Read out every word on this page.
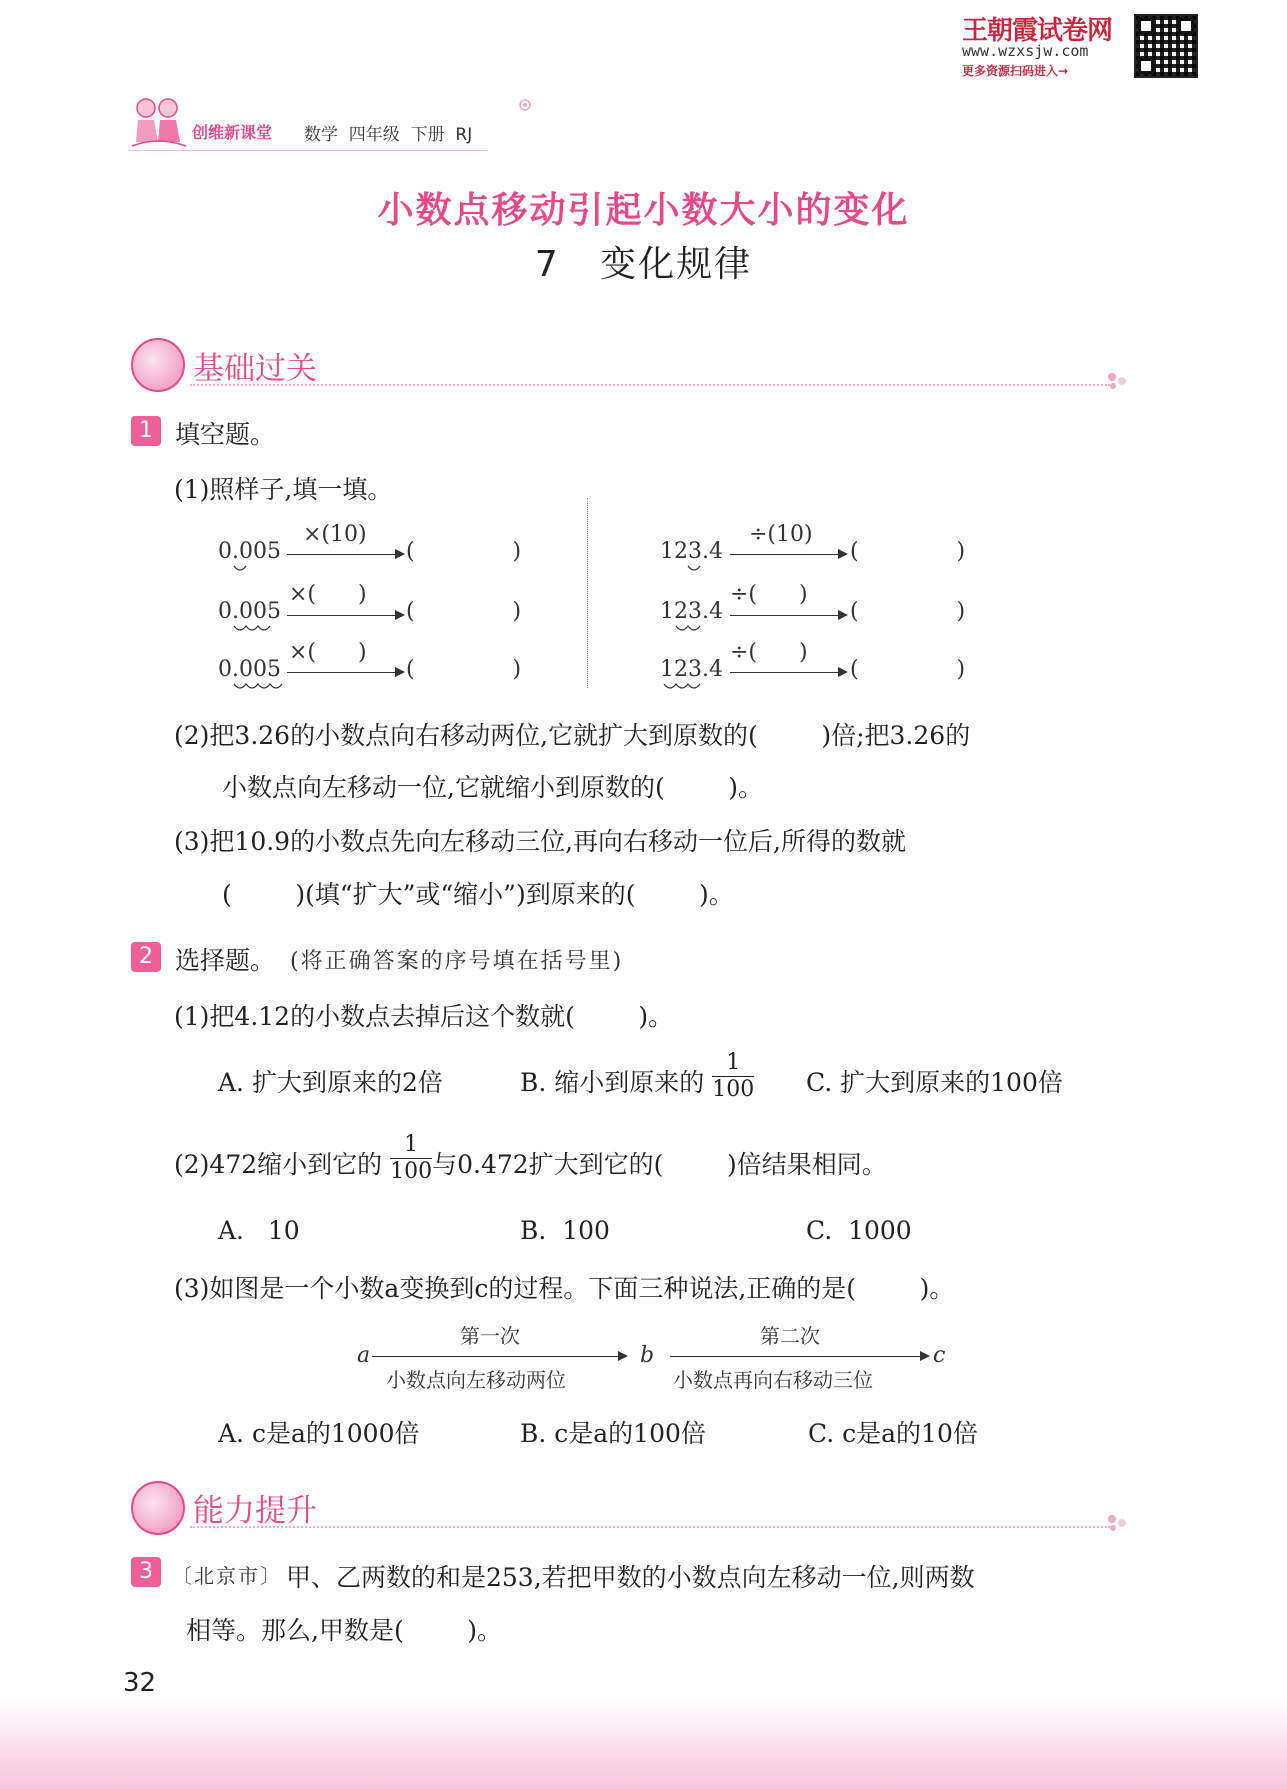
王朝霞试卷网
www.wzxsjw.com
更多资源扫码进入→
创维新课堂 数学  四年级  下册  RJ
小数点移动引起小数大小的变化
7   变化规律
基础过关
1 填空题。
(1)照样子,填一填。
0.005
×(10)
(              )
0.005
×(      )
(              )
0.005
×(      )
(              )
123.4
÷(10)
(              )
123.4
÷(      )
(              )
123.4
÷(      )
(              )
(2)把3.26的小数点向右移动两位,它就扩大到原数的(        )倍;把3.26的
小数点向左移动一位,它就缩小到原数的(        )。
(3)把10.9的小数点先向左移动三位,再向右移动一位后,所得的数就
(        )(填“扩大”或“缩小”)到原来的(        )。
2 选择题。 (将正确答案的序号填在括号里)
(1)把4.12的小数点去掉后这个数就(        )。
A. 扩大到原来的2倍	B. 缩小到原来的 $\frac{1}{100} C$. 扩大到原来的100倍
(2)472缩小到它的 $\frac{1}{100}$ 与0.472扩大到它的(        )倍结果相同。
A.   10	B.  100	C.  1000
(3)如图是一个小数a变换到c的过程。下面三种说法,正确的是(        )。
a
第一次
小数点向左移动两位
b
第二次
小数点再向右移动三位
c
A. c是a的1000倍	B. c是a的100倍	C. c是a的10倍
能力提升
3 〔北京市〕 甲、乙两数的和是253,若把甲数的小数点向左移动一位,则两数
相等。那么,甲数是(        )。
32
